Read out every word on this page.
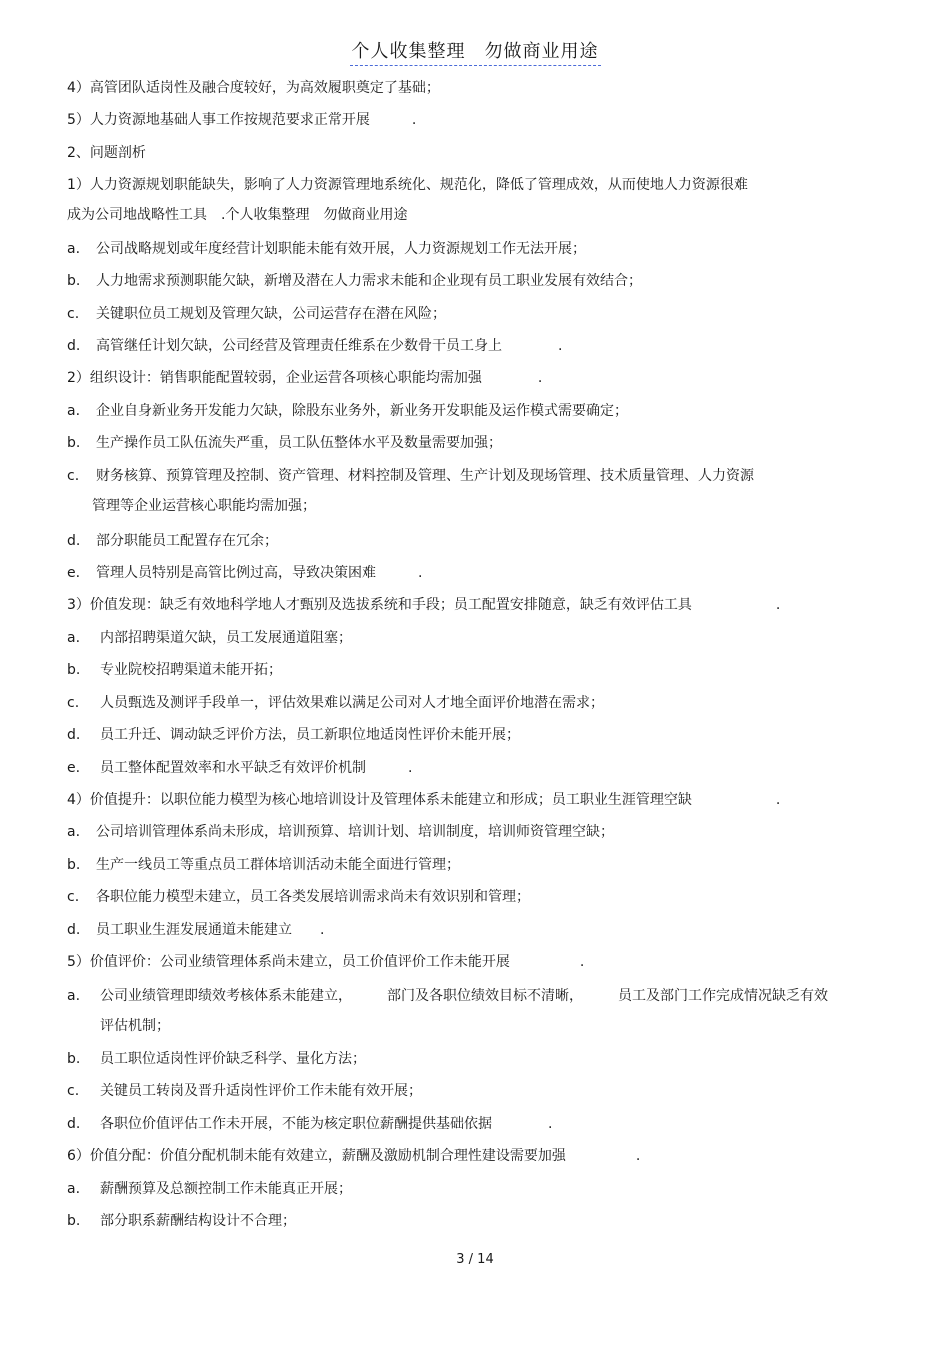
个人收集整理　勿做商业用途
4）高管团队适岗性及融合度较好，为高效履职奠定了基础；
5）人力资源地基础人事工作按规范要求正常开展　　　.
2、问题剖析
1）人力资源规划职能缺失，影响了人力资源管理地系统化、规范化，降低了管理成效，从而使地人力资源很难
成为公司地战略性工具　.个人收集整理　勿做商业用途
a. 公司战略规划或年度经营计划职能未能有效开展，人力资源规划工作无法开展；
b. 人力地需求预测职能欠缺，新增及潜在人力需求未能和企业现有员工职业发展有效结合；
c. 关键职位员工规划及管理欠缺，公司运营存在潜在风险；
d. 高管继任计划欠缺，公司经营及管理责任维系在少数骨干员工身上　　　　.
2）组织设计：销售职能配置较弱，企业运营各项核心职能均需加强　　　　.
a. 企业自身新业务开发能力欠缺，除股东业务外，新业务开发职能及运作模式需要确定；
b. 生产操作员工队伍流失严重，员工队伍整体水平及数量需要加强；
c. 财务核算、预算管理及控制、资产管理、材料控制及管理、生产计划及现场管理、技术质量管理、人力资源
管理等企业运营核心职能均需加强；
d. 部分职能员工配置存在冗余；
e. 管理人员特别是高管比例过高，导致决策困难　　　.
3）价值发现：缺乏有效地科学地人才甄别及选拔系统和手段；员工配置安排随意，缺乏有效评估工具　　　　　　.
a. 内部招聘渠道欠缺，员工发展通道阻塞；
b. 专业院校招聘渠道未能开拓；
c. 人员甄选及测评手段单一，评估效果难以满足公司对人才地全面评价地潜在需求；
d. 员工升迁、调动缺乏评价方法，员工新职位地适岗性评价未能开展；
e. 员工整体配置效率和水平缺乏有效评价机制　　　.
4）价值提升：以职位能力模型为核心地培训设计及管理体系未能建立和形成；员工职业生涯管理空缺　　　　　　.
a. 公司培训管理体系尚未形成，培训预算、培训计划、培训制度，培训师资管理空缺；
b. 生产一线员工等重点员工群体培训活动未能全面进行管理；
c. 各职位能力模型未建立，员工各类发展培训需求尚未有效识别和管理；
d. 员工职业生涯发展通道未能建立　　.
5）价值评价：公司业绩管理体系尚未建立，员工价值评价工作未能开展　　　　　.
a. 公司业绩管理即绩效考核体系未能建立，　　　部门及各职位绩效目标不清晰，　　　员工及部门工作完成情况缺乏有效
评估机制；
b. 员工职位适岗性评价缺乏科学、量化方法；
c. 关键员工转岗及晋升适岗性评价工作未能有效开展；
d. 各职位价值评估工作未开展，不能为核定职位薪酬提供基础依据　　　　.
6）价值分配：价值分配机制未能有效建立，薪酬及激励机制合理性建设需要加强　　　　　.
a. 薪酬预算及总额控制工作未能真正开展；
b. 部分职系薪酬结构设计不合理；
3 / 14
